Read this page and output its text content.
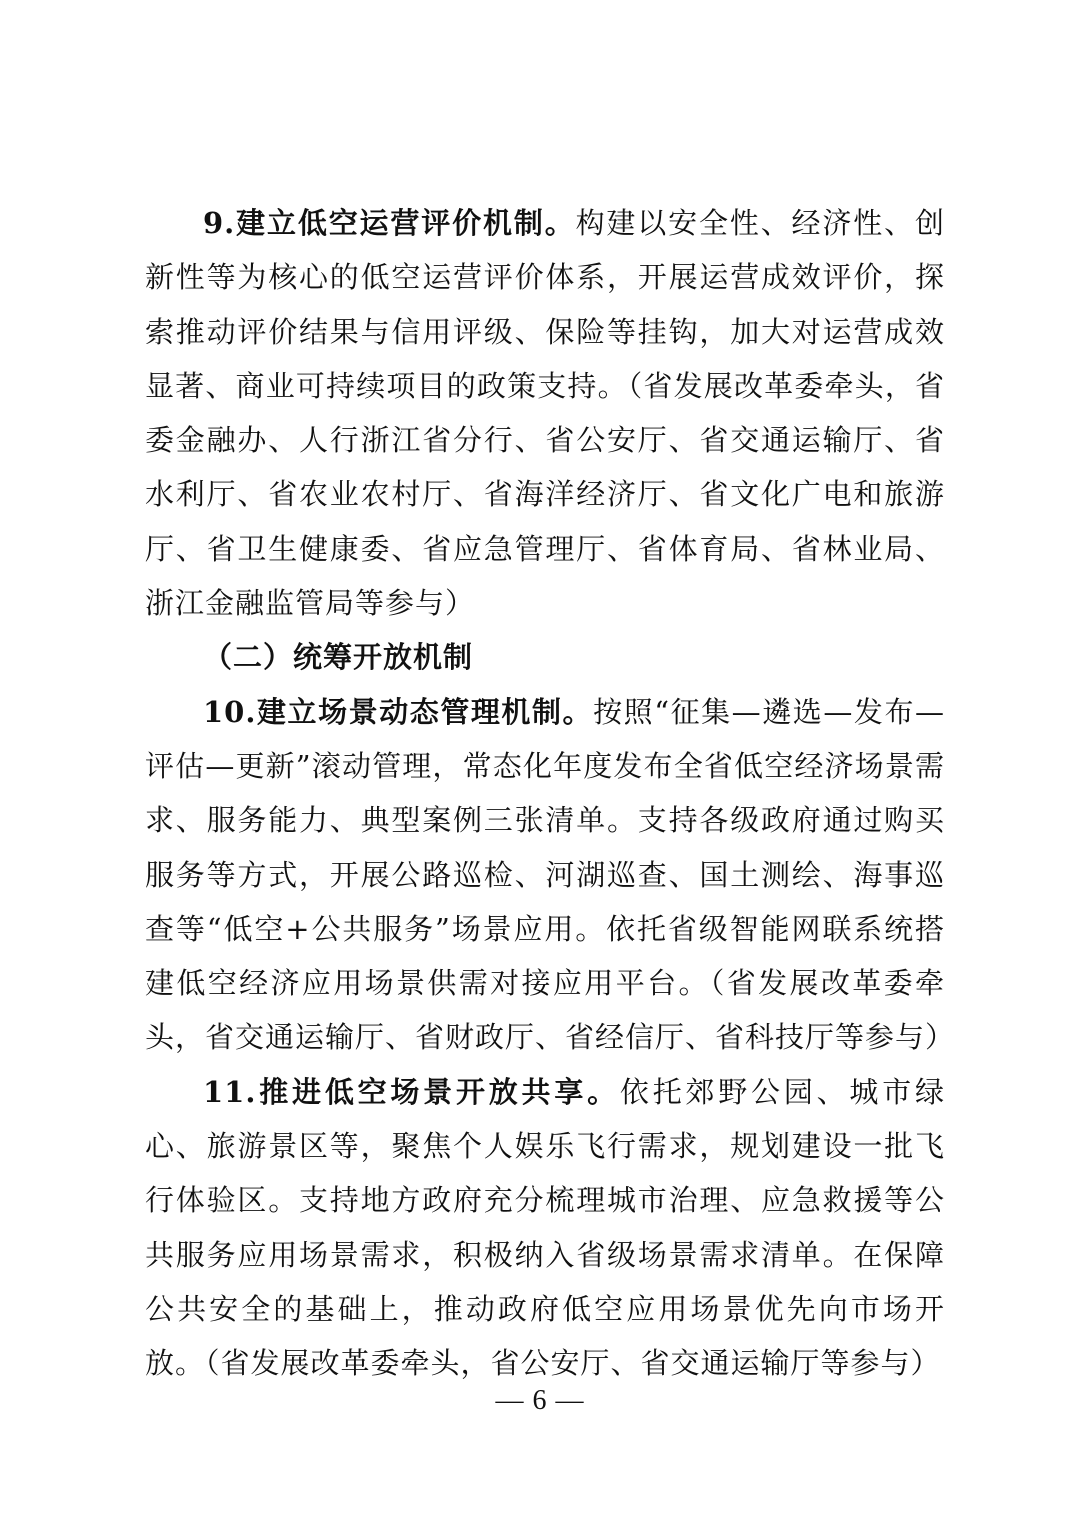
9.建立低空运营评价机制。构建以安全性、经济性、创新性等为核心的低空运营评价体系，开展运营成效评价，探索推动评价结果与信用评级、保险等挂钩，加大对运营成效显著、商业可持续项目的政策支持。（省发展改革委牵头，省委金融办、人行浙江省分行、省公安厅、省交通运输厅、省水利厅、省农业农村厅、省海洋经济厅、省文化广电和旅游厅、省卫生健康委、省应急管理厅、省体育局、省林业局、浙江金融监管局等参与）

（二）统筹开放机制

10.建立场景动态管理机制。按照“征集—遴选—发布—评估—更新”滚动管理，常态化年度发布全省低空经济场景需求、服务能力、典型案例三张清单。支持各级政府通过购买服务等方式，开展公路巡检、河湖巡查、国土测绘、海事巡查等“低空+公共服务”场景应用。依托省级智能网联系统搭建低空经济应用场景供需对接应用平台。（省发展改革委牵头，省交通运输厅、省财政厅、省经信厅、省科技厅等参与）

11.推进低空场景开放共享。依托郊野公园、城市绿心、旅游景区等，聚焦个人娱乐飞行需求，规划建设一批飞行体验区。支持地方政府充分梳理城市治理、应急救援等公共服务应用场景需求，积极纳入省级场景需求清单。在保障公共安全的基础上，推动政府低空应用场景优先向市场开放。（省发展改革委牵头，省公安厅、省交通运输厅等参与）

— 6 —
